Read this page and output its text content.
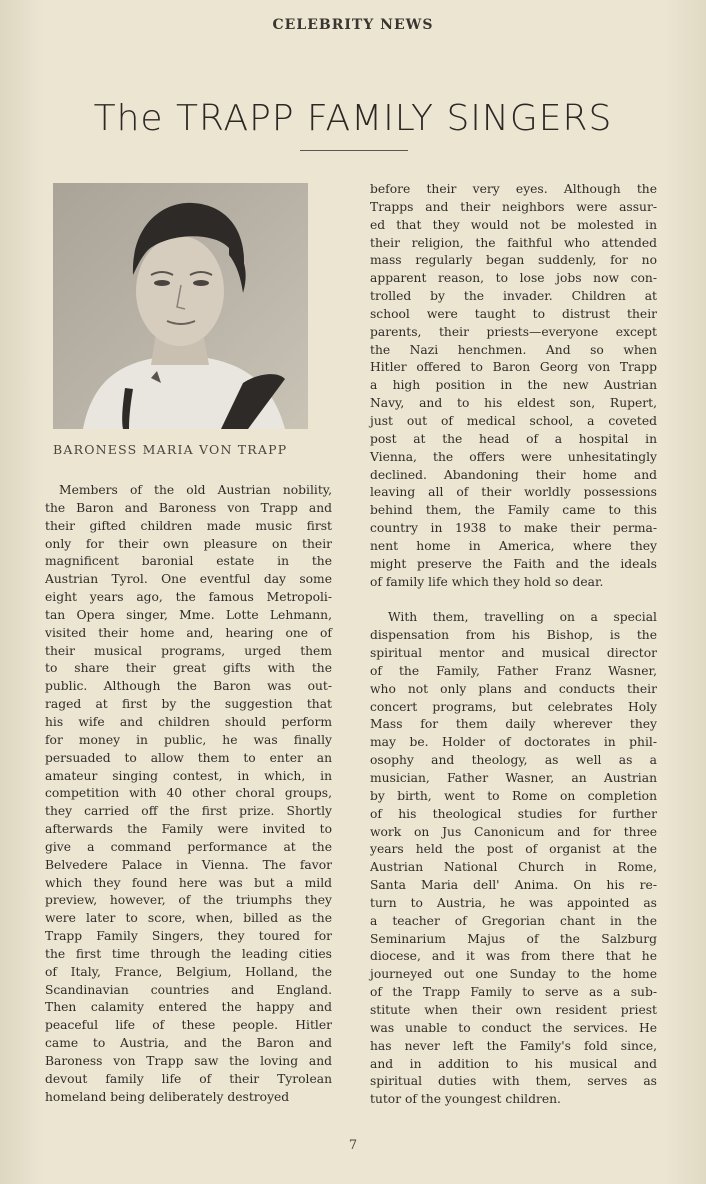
CELEBRITY NEWS
The TRAPP FAMILY SINGERS
BARONESS MARIA VON TRAPP
Members of the old Austrian nobility,
the Baron and Baroness von Trapp and
their gifted children made music first
only for their own pleasure on their
magnificent baronial estate in the
Austrian Tyrol. One eventful day some
eight years ago, the famous Metropoli-
tan Opera singer, Mme. Lotte Lehmann,
visited their home and, hearing one of
their musical programs, urged them
to share their great gifts with the
public. Although the Baron was out-
raged at first by the suggestion that
his wife and children should perform
for money in public, he was finally
persuaded to allow them to enter an
amateur singing contest, in which, in
competition with 40 other choral groups,
they carried off the first prize. Shortly
afterwards the Family were invited to
give a command performance at the
Belvedere Palace in Vienna. The favor
which they found here was but a mild
preview, however, of the triumphs they
were later to score, when, billed as the
Trapp Family Singers, they toured for
the first time through the leading cities
of Italy, France, Belgium, Holland, the
Scandinavian countries and England.
Then calamity entered the happy and
peaceful life of these people. Hitler
came to Austria, and the Baron and
Baroness von Trapp saw the loving and
devout family life of their Tyrolean
homeland being deliberately destroyed
before their very eyes. Although the
Trapps and their neighbors were assur-
ed that they would not be molested in
their religion, the faithful who attended
mass regularly began suddenly, for no
apparent reason, to lose jobs now con-
trolled by the invader. Children at
school were taught to distrust their
parents, their priests—everyone except
the Nazi henchmen. And so when
Hitler offered to Baron Georg von Trapp
a high position in the new Austrian
Navy, and to his eldest son, Rupert,
just out of medical school, a coveted
post at the head of a hospital in
Vienna, the offers were unhesitatingly
declined. Abandoning their home and
leaving all of their worldly possessions
behind them, the Family came to this
country in 1938 to make their perma-
nent home in America, where they
might preserve the Faith and the ideals
of family life which they hold so dear.
With them, travelling on a special
dispensation from his Bishop, is the
spiritual mentor and musical director
of the Family, Father Franz Wasner,
who not only plans and conducts their
concert programs, but celebrates Holy
Mass for them daily wherever they
may be. Holder of doctorates in phil-
osophy and theology, as well as a
musician, Father Wasner, an Austrian
by birth, went to Rome on completion
of his theological studies for further
work on Jus Canonicum and for three
years held the post of organist at the
Austrian National Church in Rome,
Santa Maria dell' Anima. On his re-
turn to Austria, he was appointed as
a teacher of Gregorian chant in the
Seminarium Majus of the Salzburg
diocese, and it was from there that he
journeyed out one Sunday to the home
of the Trapp Family to serve as a sub-
stitute when their own resident priest
was unable to conduct the services. He
has never left the Family's fold since,
and in addition to his musical and
spiritual duties with them, serves as
tutor of the youngest children.
7
